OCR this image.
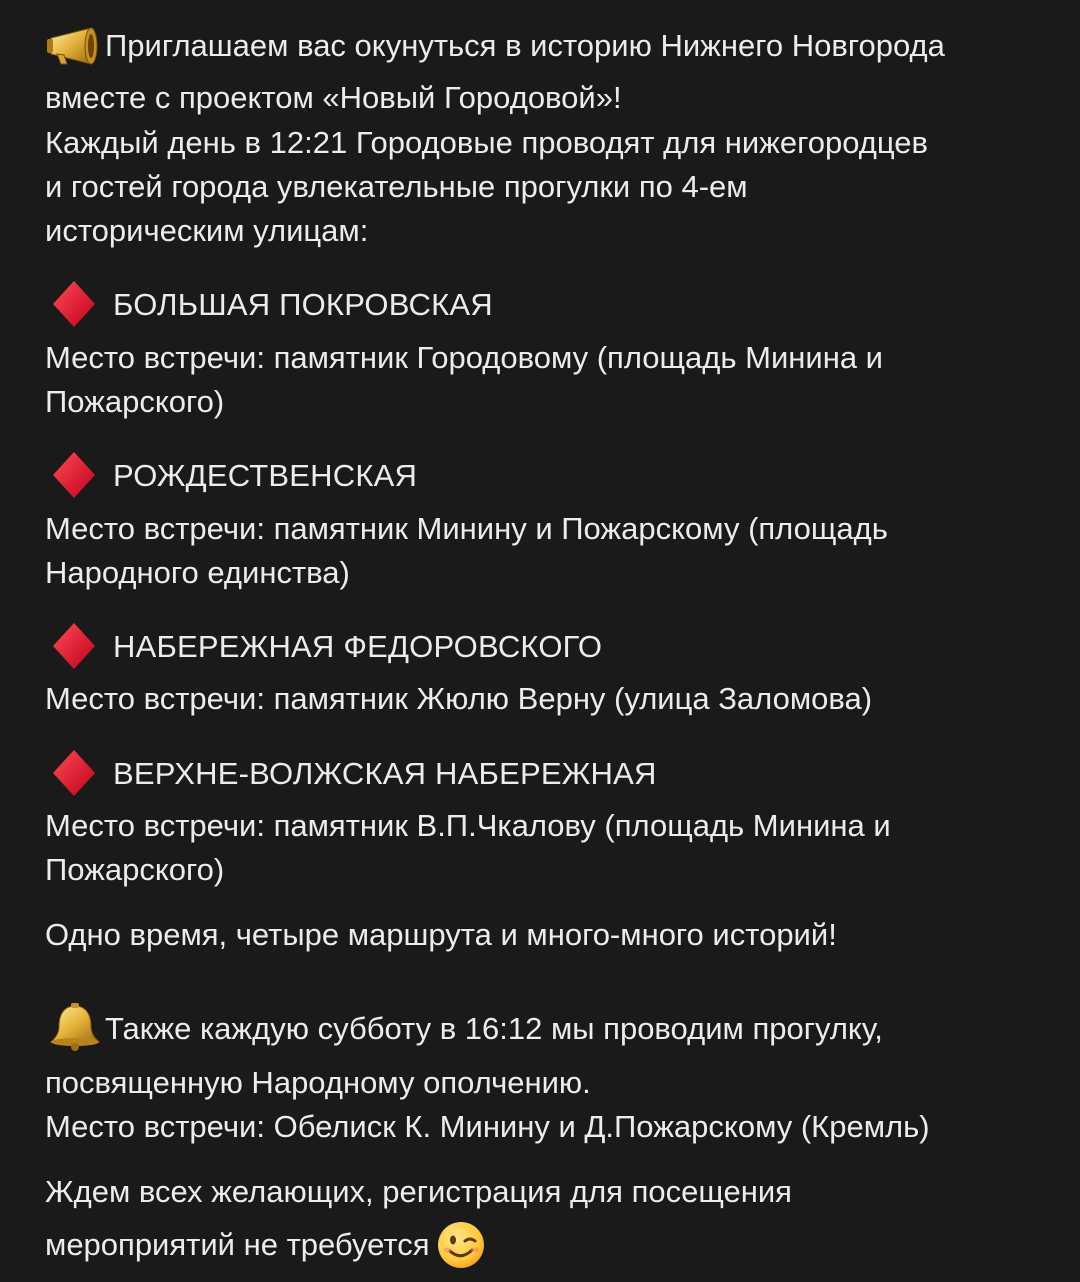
Приглашаем вас окунуться в историю Нижнего Новгорода
вместе с проектом «Новый Городовой»!
Каждый день в 12:21 Городовые проводят для нижегородцев
и гостей города увлекательные прогулки по 4-ем
историческим улицам:
БОЛЬШАЯ ПОКРОВСКАЯ
Место встречи: памятник Городовому (площадь Минина и
Пожарского)
РОЖДЕСТВЕНСКАЯ
Место встречи: памятник Минину и Пожарскому (площадь
Народного единства)
НАБЕРЕЖНАЯ ФЕДОРОВСКОГО
Место встречи: памятник Жюлю Верну (улица Заломова)
ВЕРХНЕ-ВОЛЖСКАЯ НАБЕРЕЖНАЯ
Место встречи: памятник В.П.Чкалову (площадь Минина и
Пожарского)
Одно время, четыре маршрута и много-много историй!
Также каждую субботу в 16:12 мы проводим прогулку,
посвященную Народному ополчению.
Место встречи: Обелиск К. Минину и Д.Пожарскому (Кремль)
Ждем всех желающих, регистрация для посещения
мероприятий не требуется
